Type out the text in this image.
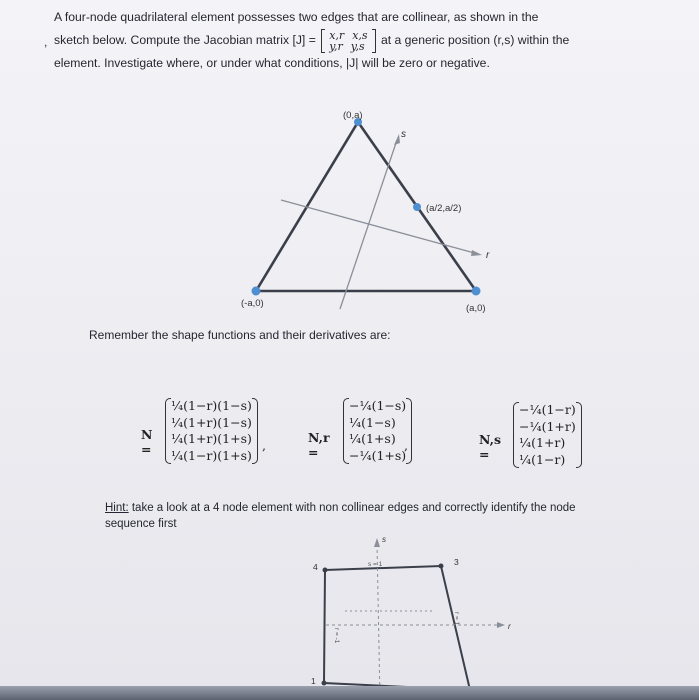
,
A four-node quadrilateral element possesses two edges that are collinear, as shown in the
sketch below. Compute the Jacobian matrix [J] =	x,r x,s
y,r y,s	at a generic position (r,s) within the
element. Investigate where, or under what conditions, |J| will be zero or negative.
(0,a)
(-a,0)	(a,0)
(a/2,a/2)
s
r
Remember the shape functions and their derivatives are:
N =
¼(1−r)(1−s)
¼(1+r)(1−s)
¼(1+r)(1+s)
¼(1−r)(1+s)
,
N,r =
−¼(1−s)
¼(1−s)
¼(1+s)
−¼(1+s)
,	N,s =
−¼(1−r)
−¼(1+r)
¼(1+r)
¼(1−r)
Hint: take a look at a 4 node element with non collinear edges and correctly identify the node sequence first
4	3
1
s
r
s = 1
r = -1
r = 1
